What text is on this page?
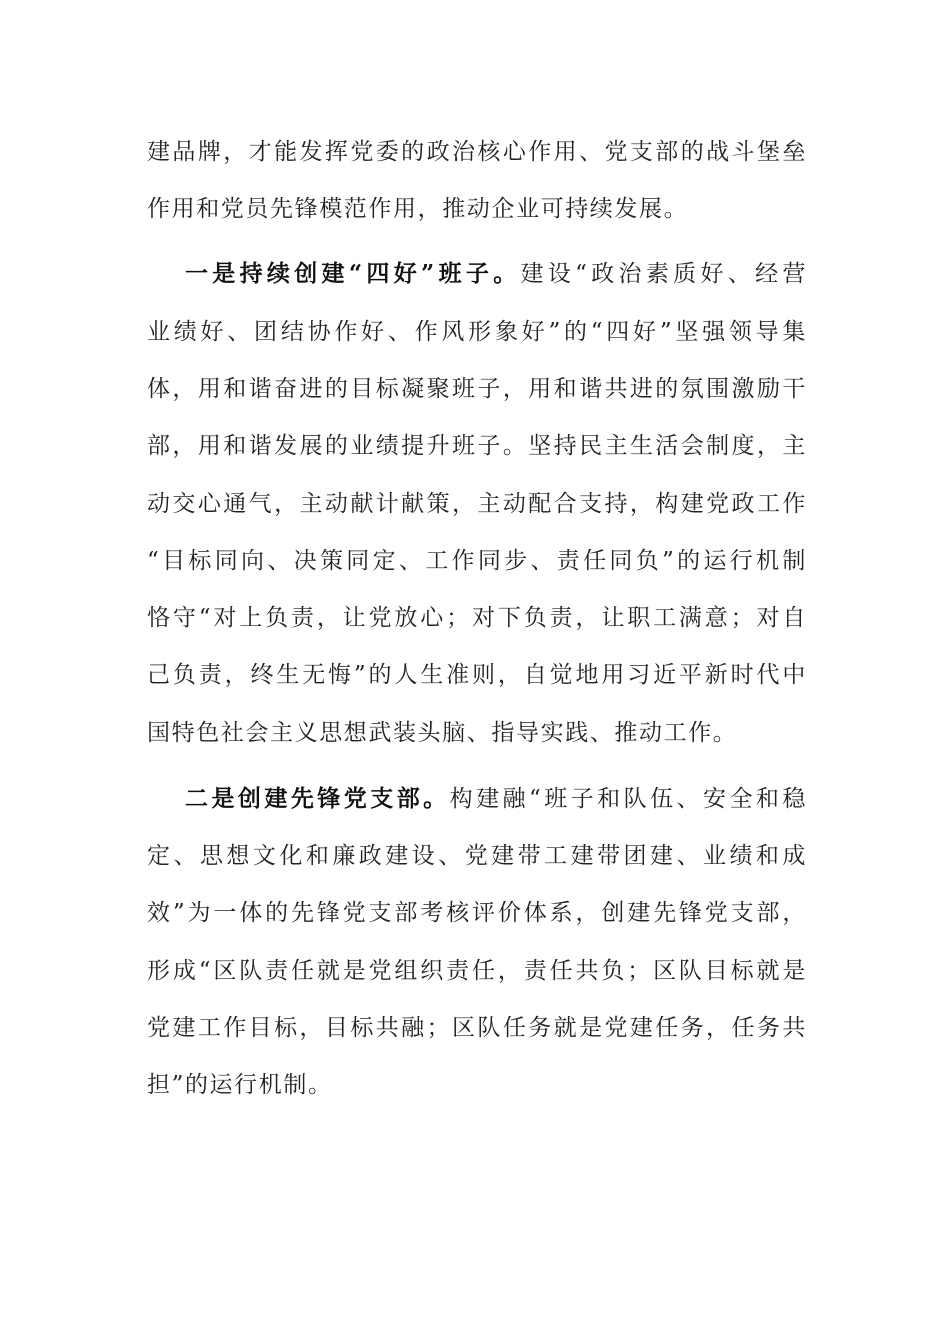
建品牌，才能发挥党委的政治核心作用、党支部的战斗堡垒
作用和党员先锋模范作用，推动企业可持续发展。
一是持续创建“四好”班子。建设“政治素质好、经营
业绩好、团结协作好、作风形象好”的“四好”坚强领导集
体，用和谐奋进的目标凝聚班子，用和谐共进的氛围激励干
部，用和谐发展的业绩提升班子。坚持民主生活会制度，主
动交心通气，主动献计献策，主动配合支持，构建党政工作
“目标同向、决策同定、工作同步、责任同负”的运行机制
恪守“对上负责，让党放心；对下负责，让职工满意；对自
己负责，终生无悔”的人生准则，自觉地用习近平新时代中
国特色社会主义思想武装头脑、指导实践、推动工作。
二是创建先锋党支部。构建融“班子和队伍、安全和稳
定、思想文化和廉政建设、党建带工建带团建、业绩和成
效”为一体的先锋党支部考核评价体系，创建先锋党支部，
形成“区队责任就是党组织责任，责任共负；区队目标就是
党建工作目标，目标共融；区队任务就是党建任务，任务共
担”的运行机制。
